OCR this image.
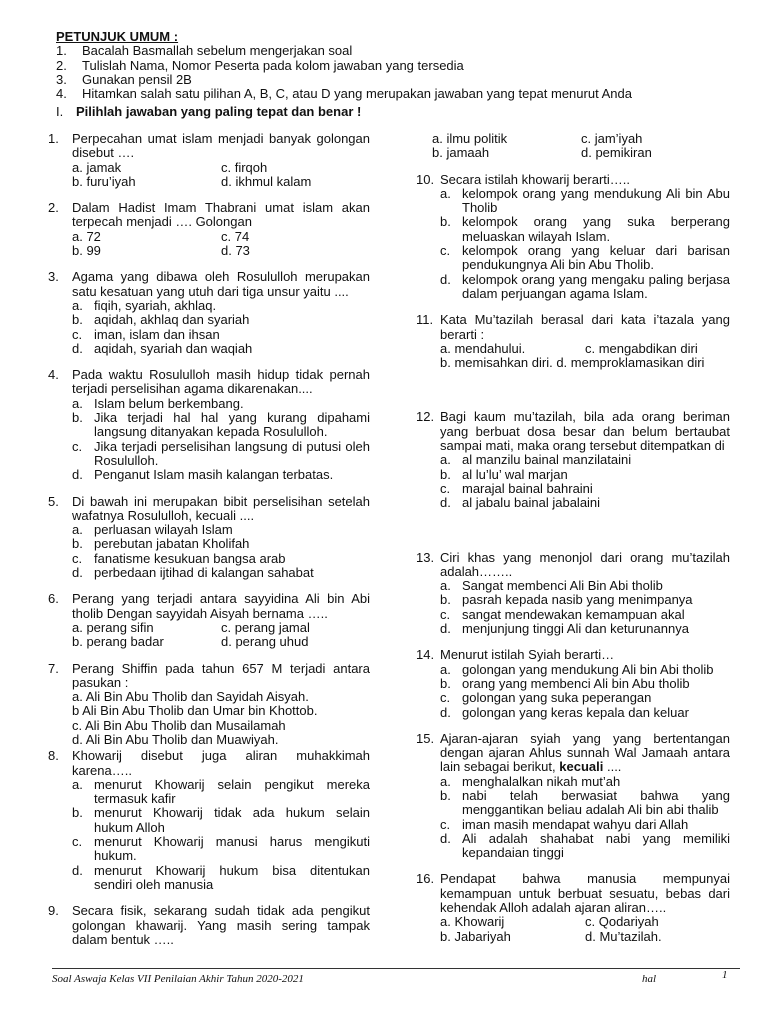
PETUNJUK UMUM :
1.	Bacalah Basmallah sebelum mengerjakan soal
2.	Tulislah Nama, Nomor Peserta pada kolom jawaban yang tersedia
3.	Gunakan pensil 2B
4.	Hitamkan salah satu pilihan A, B, C, atau D yang merupakan jawaban yang tepat menurut Anda
I. Pilihlah jawaban yang paling tepat dan benar !
1.	Perpecahan umat islam menjadi banyak golongan disebut ….
a. jamak	c. firqoh
b. furu’iyah	d. ikhmul kalam
2.	Dalam Hadist Imam Thabrani umat islam akan terpecah menjadi …. Golongan
a. 72	c. 74
b. 99	d. 73
3.	Agama yang dibawa oleh Rosululloh merupakan satu kesatuan yang utuh dari tiga unsur yaitu ....
a. fiqih, syariah, akhlaq.
b. aqidah, akhlaq dan syariah
c. iman, islam dan ihsan
d. aqidah, syariah dan waqiah
4.	Pada waktu Rosululloh masih hidup tidak pernah terjadi perselisihan agama dikarenakan....
a. Islam belum berkembang.
b. Jika terjadi hal hal yang kurang dipahami langsung ditanyakan kepada Rosululloh.
c. Jika terjadi perselisihan langsung di putusi oleh Rosululloh.
d. Penganut Islam masih kalangan terbatas.
5.	Di bawah ini merupakan bibit perselisihan setelah wafatnya Rosululloh, kecuali ....
a. perluasan wilayah Islam
b. perebutan jabatan Kholifah
c. fanatisme kesukuan bangsa arab
d. perbedaan ijtihad di kalangan sahabat
6.	Perang yang terjadi antara sayyidina Ali bin Abi tholib Dengan sayyidah Aisyah bernama …..
a. perang sifin	c. perang jamal
b. perang badar	d. perang uhud
7.	Perang Shiffin pada tahun 657 M terjadi antara pasukan :
a. Ali Bin Abu Tholib dan Sayidah Aisyah.
b Ali Bin Abu Tholib dan Umar bin Khottob.
c. Ali Bin Abu Tholib dan Musailamah
d. Ali Bin Abu Tholib dan Muawiyah.
8.	Khowarij disebut juga aliran muhakkimah karena…..
a. menurut Khowarij selain pengikut mereka termasuk kafir
b. menurut Khowarij tidak ada hukum selain hukum Alloh
c. menurut Khowarij manusi harus mengikuti hukum.
d. menurut Khowarij hukum bisa ditentukan sendiri oleh manusia
9.	Secara fisik, sekarang sudah tidak ada pengikut golongan khawarij. Yang masih sering tampak dalam bentuk …..
a. ilmu politik	c. jam’iyah
b. jamaah	d. pemikiran
10. Secara istilah khowarij berarti…..
a. kelompok orang yang mendukung Ali bin Abu Tholib
b. kelompok orang yang suka berperang meluaskan wilayah Islam.
c. kelompok orang yang keluar dari barisan pendukungnya Ali bin Abu Tholib.
d. kelompok orang yang mengaku paling berjasa dalam perjuangan agama Islam.
11. Kata Mu’tazilah berasal dari kata i’tazala yang berarti :
a. mendahului.	c. mengabdikan diri
b. memisahkan diri. d. memproklamasikan diri
12. Bagi kaum mu’tazilah, bila ada orang beriman yang berbuat dosa besar dan belum bertaubat sampai mati, maka orang tersebut ditempatkan di
a. al manzilu bainal manzilataini
b. al lu’lu’ wal marjan
c. marajal bainal bahraini
d. al jabalu bainal jabalaini
13. Ciri khas yang menonjol dari orang mu’tazilah adalah……..
a. Sangat membenci Ali Bin Abi tholib
b. pasrah kepada nasib yang menimpanya
c. sangat mendewakan kemampuan akal
d. menjunjung tinggi Ali dan keturunannya
14. Menurut istilah Syiah berarti…
a. golongan yang mendukung Ali bin Abi tholib
b. orang yang membenci Ali bin Abu tholib
c. golongan yang suka peperangan
d. golongan yang keras kepala dan keluar
15. Ajaran-ajaran syiah yang yang bertentangan dengan ajaran Ahlus sunnah Wal Jamaah antara lain sebagai berikut, kecuali ....
a. menghalalkan nikah mut’ah
b. nabi telah berwasiat bahwa yang menggantikan beliau adalah Ali bin abi thalib
c. iman masih mendapat wahyu dari Allah
d. Ali adalah shahabat nabi yang memiliki kepandaian tinggi
16. Pendapat bahwa manusia mempunyai kemampuan untuk berbuat sesuatu, bebas dari kehendak Alloh adalah ajaran aliran…..
a. Khowarij	c. Qodariyah
b. Jabariyah	d. Mu’tazilah.
Soal Aswaja Kelas VII Penilaian Akhir Tahun 2020-2021	hal	1
